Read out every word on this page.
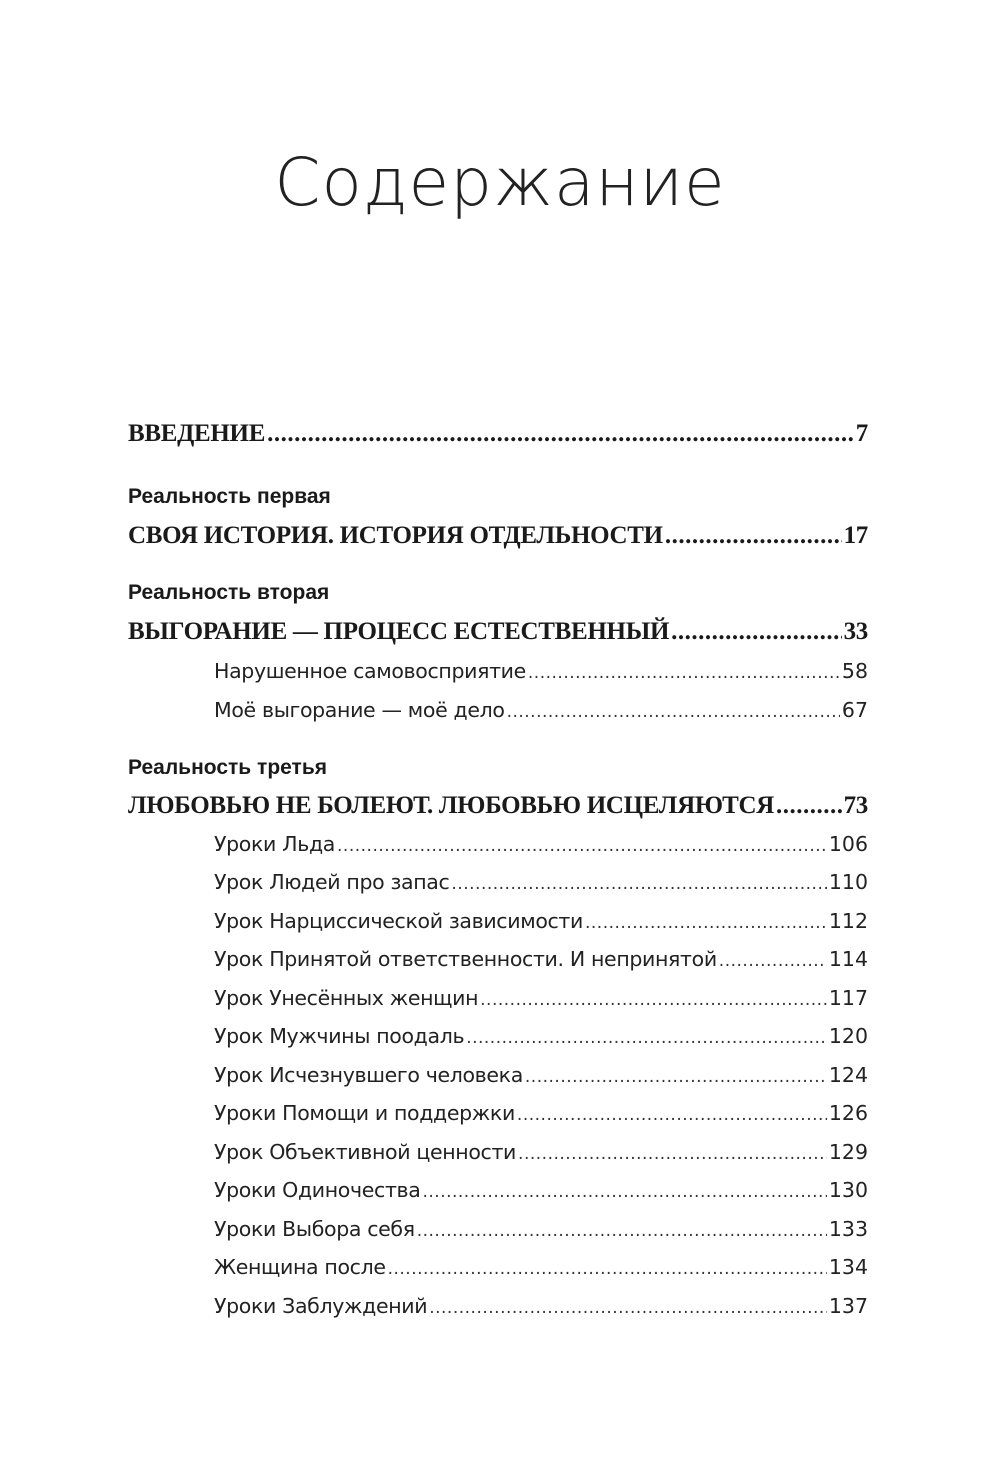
Содержание
ВВЕДЕНИЕ .....	7
Реальность первая
СВОЯ ИСТОРИЯ. ИСТОРИЯ ОТДЕЛЬНОСТИ .....	17
Реальность вторая
ВЫГОРАНИЕ — ПРОЦЕСС ЕСТЕСТВЕННЫЙ .....	33
Нарушенное самовосприятие .....	58
Моё выгорание — моё дело .....	67
Реальность третья
ЛЮБОВЬЮ НЕ БОЛЕЮТ. ЛЮБОВЬЮ ИСЦЕЛЯЮТСЯ .....	73
Уроки Льда .....	106
Урок Людей про запас .....	110
Урок Нарциссической зависимости .....	112
Урок Принятой ответственности. И непринятой .....	114
Урок Унесённых женщин .....	117
Урок Мужчины поодаль .....	120
Урок Исчезнувшего человека .....	124
Уроки Помощи и поддержки .....	126
Урок Объективной ценности .....	129
Уроки Одиночества .....	130
Уроки Выбора себя .....	133
Женщина после .....	134
Уроки Заблуждений .....	137
